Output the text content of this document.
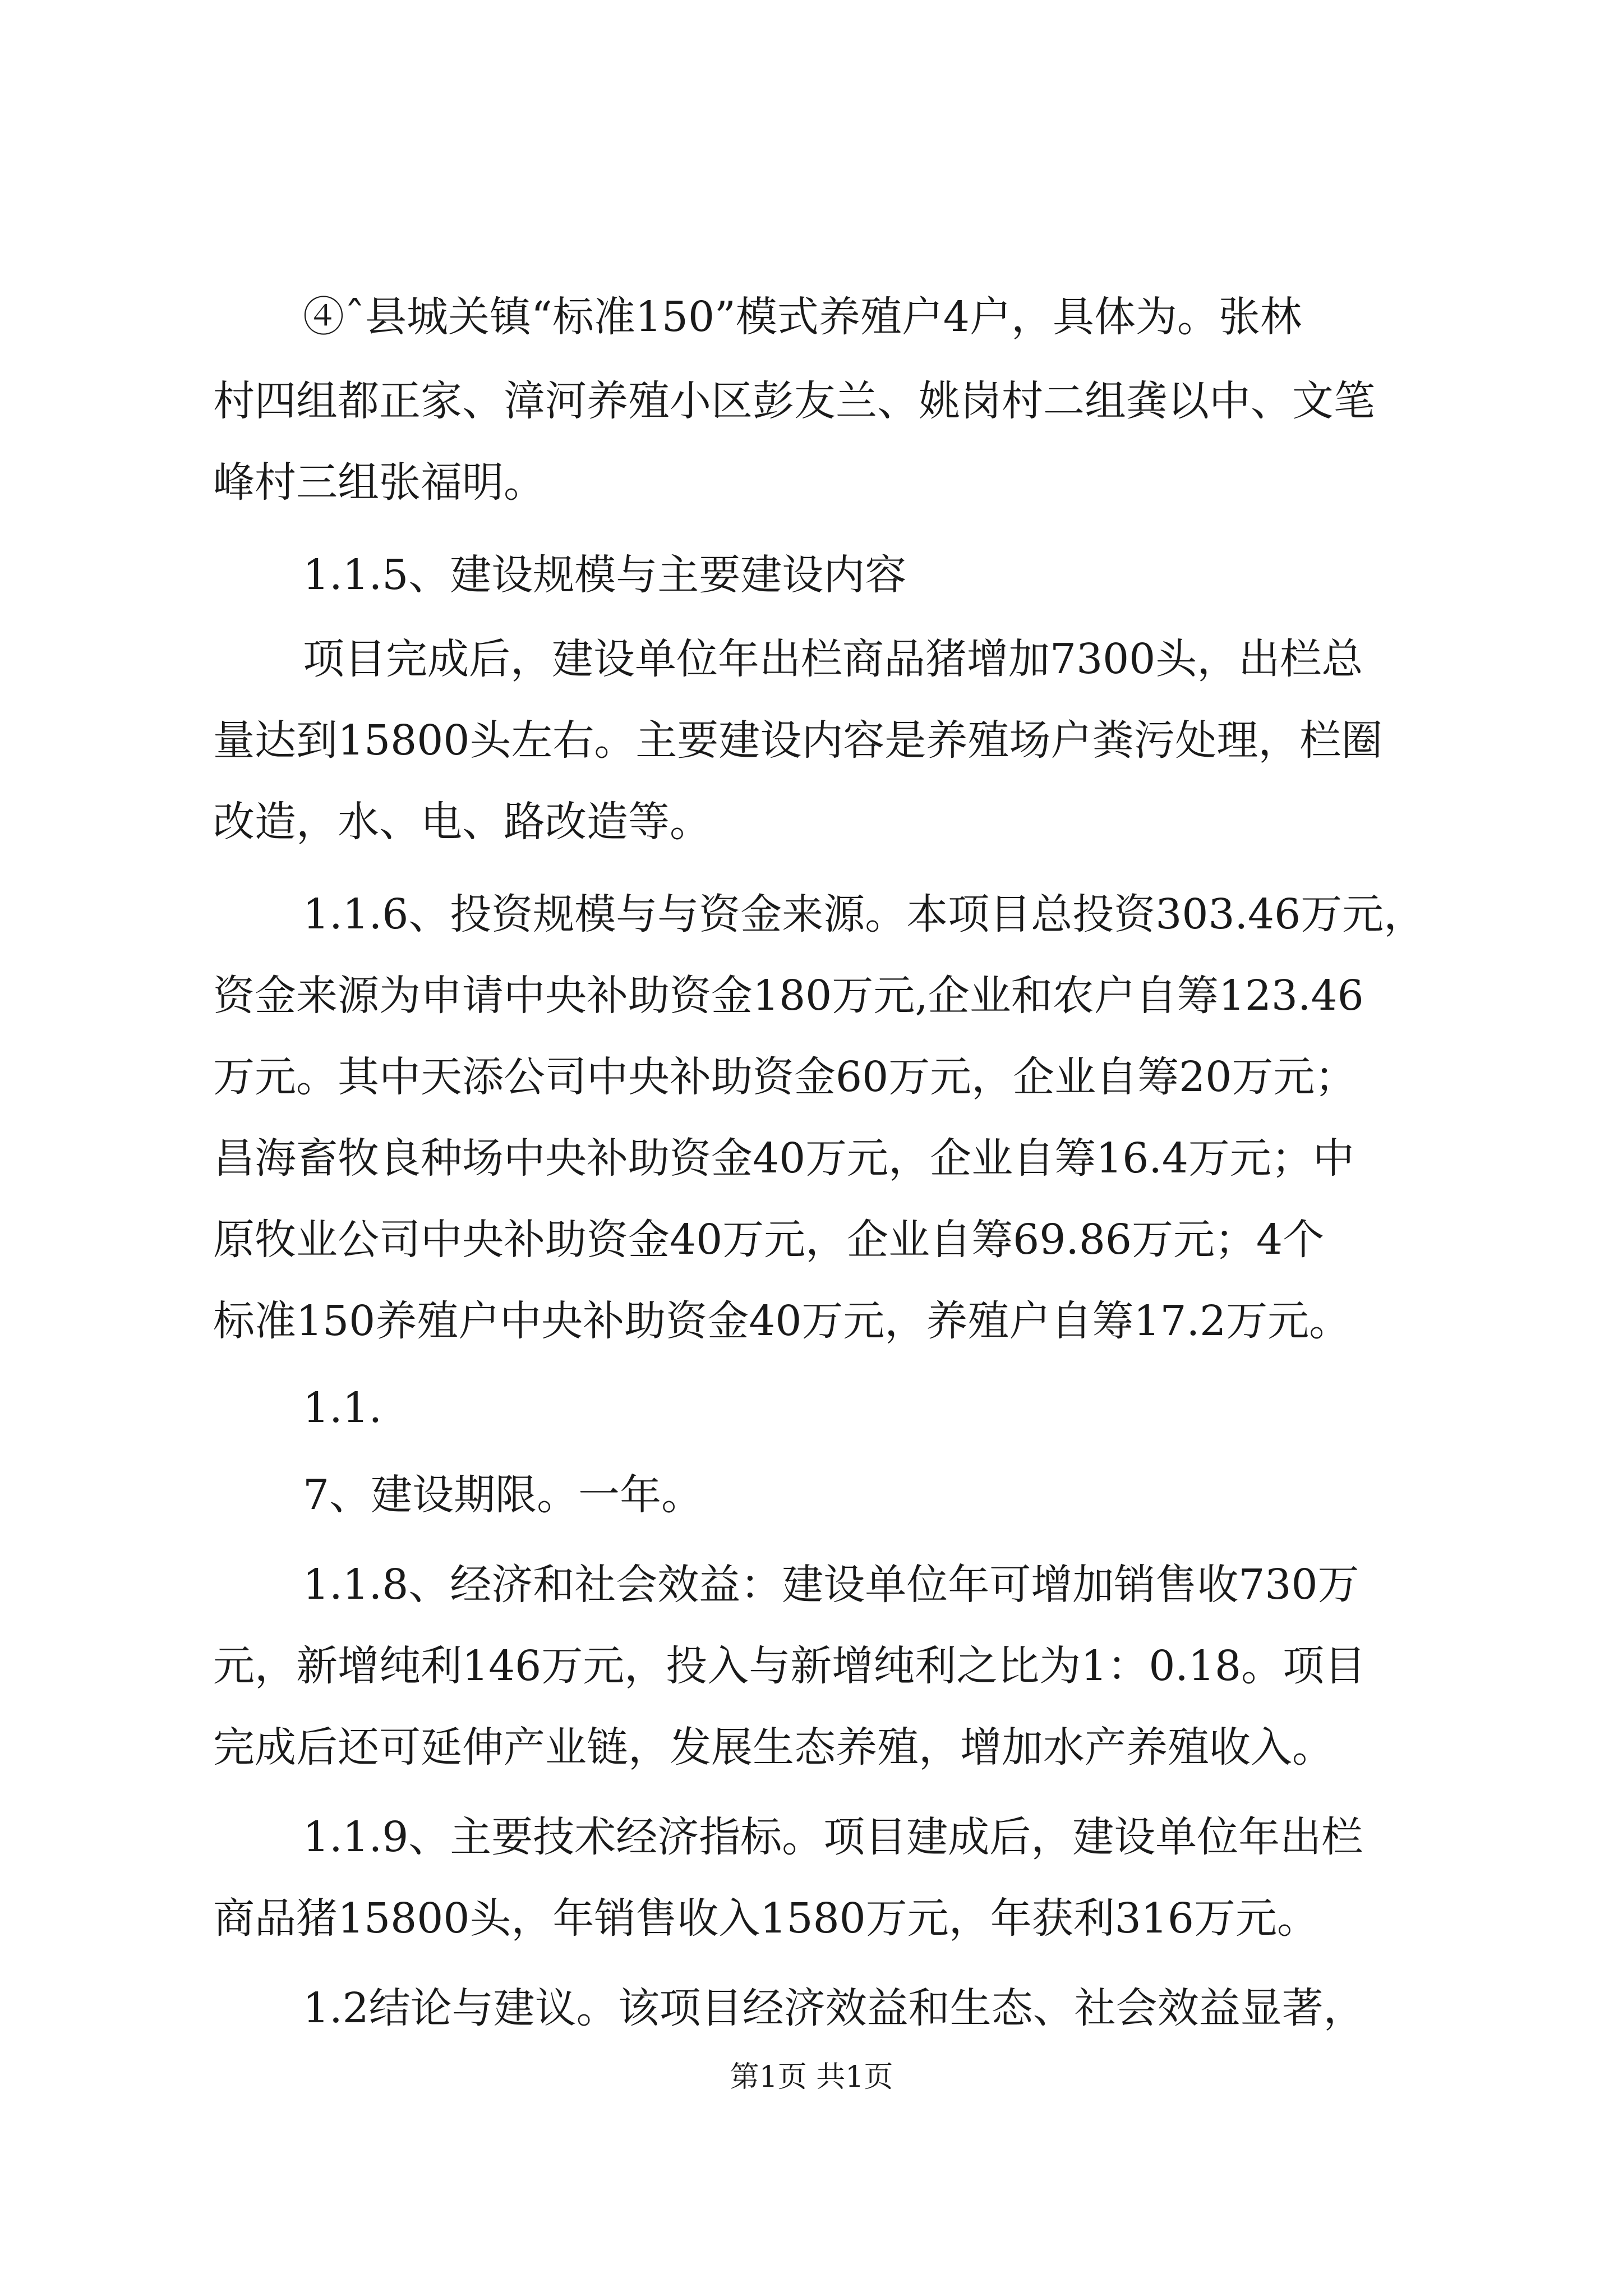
④ˆ县城关镇“标准150”模式养殖户4户，具体为。张林

村四组都正家、漳河养殖小区彭友兰、姚岗村二组龚以中、文笔

峰村三组张福明。

1.1.5、建设规模与主要建设内容

项目完成后，建设单位年出栏商品猪增加7300头，出栏总

量达到15800头左右。主要建设内容是养殖场户粪污处理，栏圈

改造，水、电、路改造等。

1.1.6、投资规模与与资金来源。本项目总投资303.46万元，

资金来源为申请中央补助资金180万元,企业和农户自筹123.46

万元。其中天添公司中央补助资金60万元，企业自筹20万元；

昌海畜牧良种场中央补助资金40万元，企业自筹16.4万元；中

原牧业公司中央补助资金40万元，企业自筹69.86万元；4个

标准150养殖户中央补助资金40万元，养殖户自筹17.2万元。

1.1.

7、建设期限。一年。

1.1.8、经济和社会效益：建设单位年可增加销售收730万

元，新增纯利146万元，投入与新增纯利之比为1：0.18。项目

完成后还可延伸产业链，发展生态养殖，增加水产养殖收入。

1.1.9、主要技术经济指标。项目建成后，建设单位年出栏

商品猪15800头，年销售收入1580万元，年获利316万元。

1.2结论与建议。该项目经济效益和生态、社会效益显著，

第1页 共1页
